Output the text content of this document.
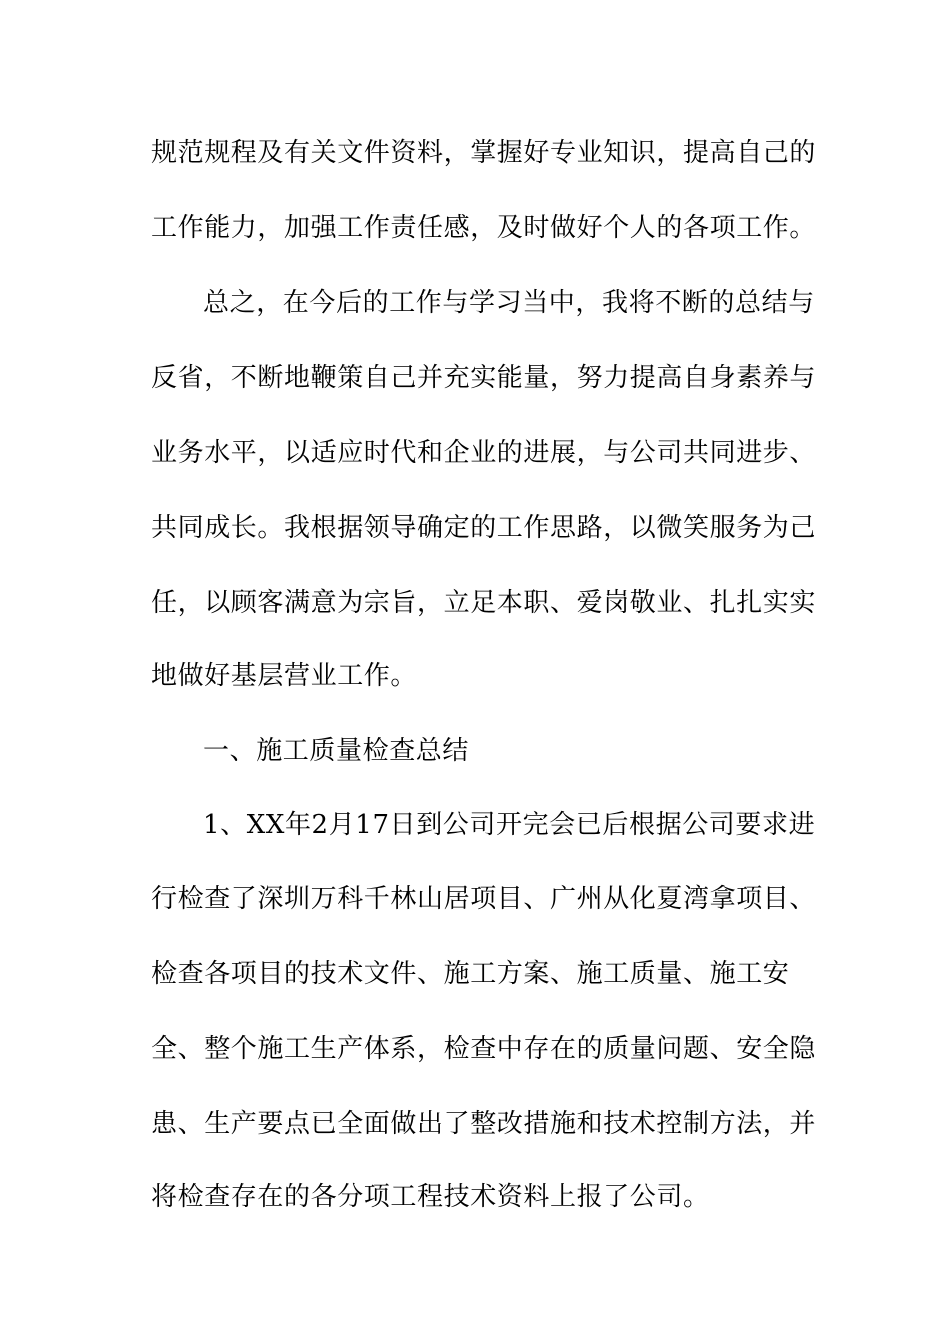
规范规程及有关文件资料，掌握好专业知识，提高自己的
工作能力，加强工作责任感，及时做好个人的各项工作。
总之，在今后的工作与学习当中，我将不断的总结与
反省，不断地鞭策自己并充实能量，努力提高自身素养与
业务水平，以适应时代和企业的进展，与公司共同进步、
共同成长。我根据领导确定的工作思路，以微笑服务为己
任，以顾客满意为宗旨，立足本职、爱岗敬业、扎扎实实
地做好基层营业工作。
一、施工质量检查总结
1、XX年2月17日到公司开完会已后根据公司要求进
行检查了深圳万科千林山居项目、广州从化夏湾拿项目、
检查各项目的技术文件、施工方案、施工质量、施工安
全、整个施工生产体系，检查中存在的质量问题、安全隐
患、生产要点已全面做出了整改措施和技术控制方法，并
将检查存在的各分项工程技术资料上报了公司。
